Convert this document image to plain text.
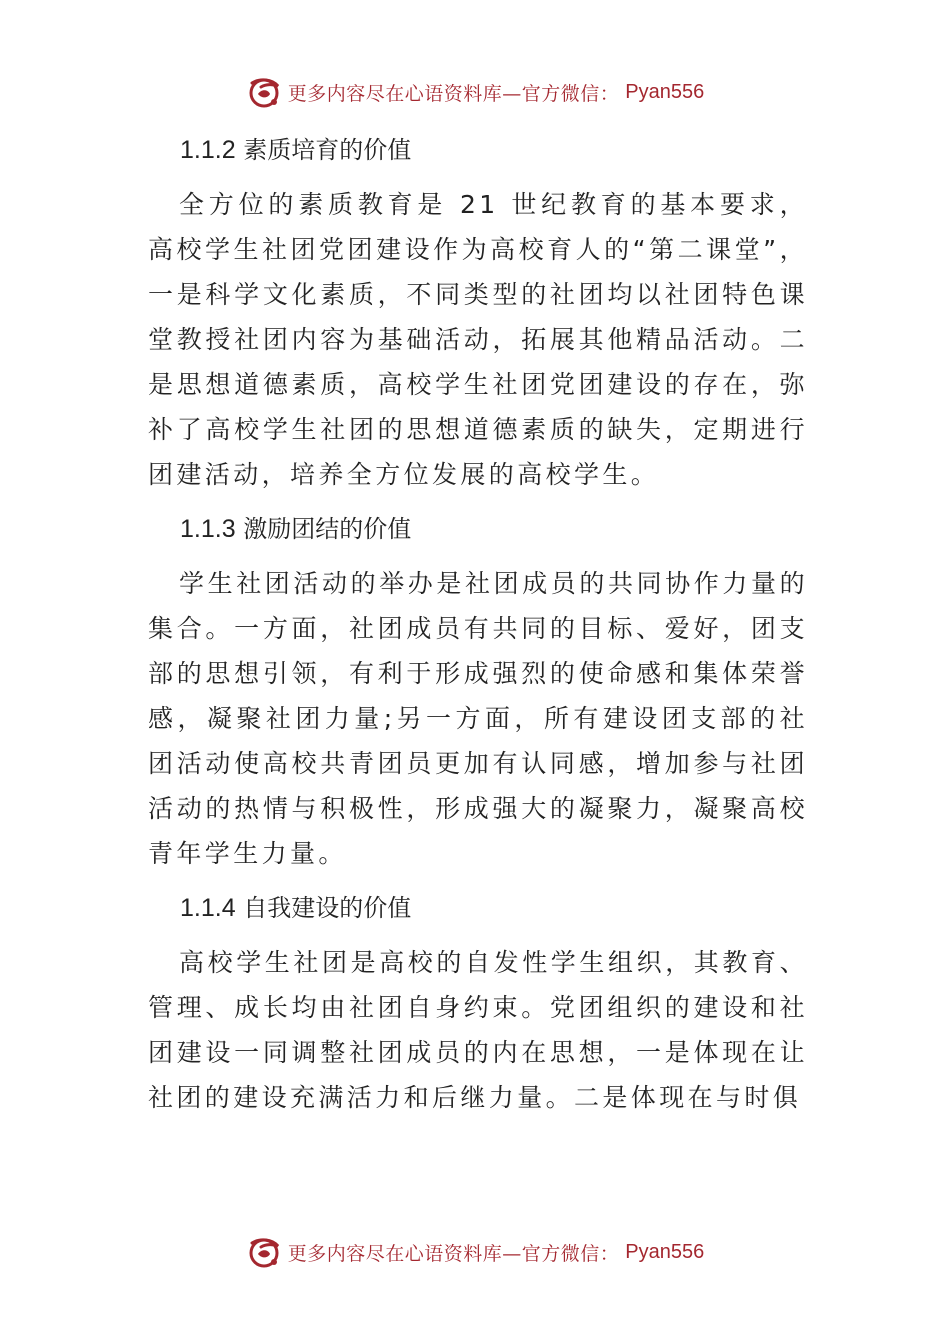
更多内容尽在心语资料库—官方微信： Pyan556
1.1.2 素质培育的价值

全方位的素质教育是 21 世纪教育的基本要求，高校学生社团党团建设作为高校育人的“第二课堂”，一是科学文化素质，不同类型的社团均以社团特色课堂教授社团内容为基础活动，拓展其他精品活动。二是思想道德素质，高校学生社团党团建设的存在，弥补了高校学生社团的思想道德素质的缺失，定期进行团建活动，培养全方位发展的高校学生。

1.1.3 激励团结的价值

学生社团活动的举办是社团成员的共同协作力量的集合。一方面，社团成员有共同的目标、爱好，团支部的思想引领，有利于形成强烈的使命感和集体荣誉感，凝聚社团力量;另一方面，所有建设团支部的社团活动使高校共青团员更加有认同感，增加参与社团活动的热情与积极性，形成强大的凝聚力，凝聚高校青年学生力量。

1.1.4 自我建设的价值

高校学生社团是高校的自发性学生组织，其教育、管理、成长均由社团自身约束。党团组织的建设和社团建设一同调整社团成员的内在思想，一是体现在让社团的建设充满活力和后继力量。二是体现在与时俱

更多内容尽在心语资料库—官方微信： Pyan556
